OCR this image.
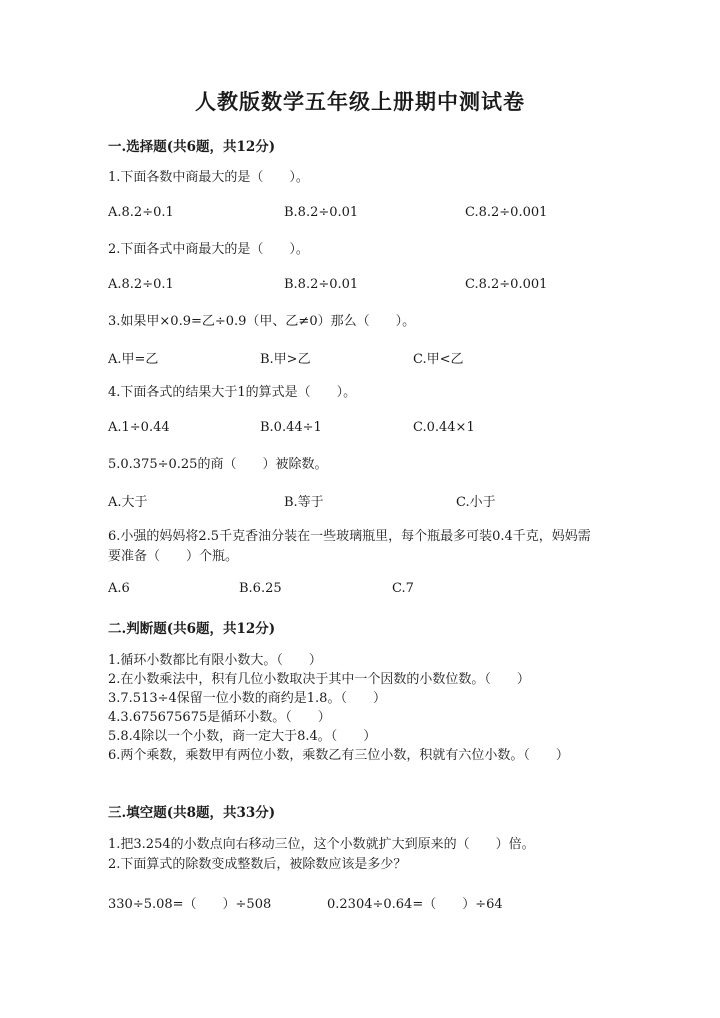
人教版数学五年级上册期中测试卷
一.选择题(共6题，共12分)
1.下面各数中商最大的是（　　）。
A.8.2÷0.1	B.8.2÷0.01	C.8.2÷0.001
2.下面各式中商最大的是（　　）。
A.8.2÷0.1	B.8.2÷0.01	C.8.2÷0.001
3.如果甲×0.9=乙÷0.9（甲、乙≠0）那么（　　）。
A.甲=乙	B.甲>乙	C.甲<乙
4.下面各式的结果大于1的算式是（　　）。
A.1÷0.44	B.0.44÷1	C.0.44×1
5.0.375÷0.25的商（　　）被除数。
A.大于	B.等于	C.小于
6.小强的妈妈将2.5千克香油分装在一些玻璃瓶里，每个瓶最多可装0.4千克，妈妈需要准备（　　）个瓶。
A.6	B.6.25	C.7
二.判断题(共6题，共12分)
1.循环小数都比有限小数大。（　　）
2.在小数乘法中，积有几位小数取决于其中一个因数的小数位数。（　　）
3.7.513÷4保留一位小数的商约是1.8。（　　）
4.3.675675675是循环小数。（　　）
5.8.4除以一个小数，商一定大于8.4。（　　）
6.两个乘数，乘数甲有两位小数，乘数乙有三位小数，积就有六位小数。（　　）
三.填空题(共8题，共33分)
1.把3.254的小数点向右移动三位，这个小数就扩大到原来的（　　）倍。
2.下面算式的除数变成整数后，被除数应该是多少？
330÷5.08=（　　）÷508	0.2304÷0.64=（　　）÷64
